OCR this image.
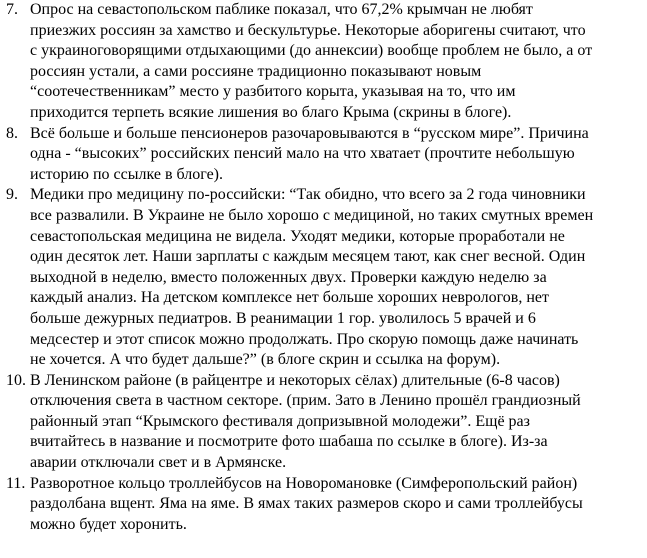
7. Опрос на севастопольском паблике показал, что 67,2% крымчан не любят
приезжих россиян за хамство и бескультурье. Некоторые аборигены считают, что
с украиноговорящими отдыхающими (до аннексии) вообще проблем не было, а от
россиян устали, а сами россияне традиционно показывают новым
“соотечественникам” место у разбитого корыта, указывая на то, что им
приходится терпеть всякие лишения во благо Крыма (скрины в блоге).
8. Всё больше и больше пенсионеров разочаровываются в “русском мире”. Причина
одна - “высоких” российских пенсий мало на что хватает (прочтите небольшую
историю по ссылке в блоге).
9. Медики про медицину по-российски: “Так обидно, что всего за 2 года чиновники
все развалили. В Украине не было хорошо с медициной, но таких смутных времен
севастопольская медицина не видела. Уходят медики, которые проработали не
один десяток лет. Наши зарплаты с каждым месяцем тают, как снег весной. Один
выходной в неделю, вместо положенных двух. Проверки каждую неделю за
каждый анализ. На детском комплексе нет больше хороших неврологов, нет
больше дежурных педиатров. В реанимации 1 гор. уволилось 5 врачей и 6
медсестер и этот список можно продолжать. Про скорую помощь даже начинать
не хочется. А что будет дальше?” (в блоге скрин и ссылка на форум).
10. В Ленинском районе (в райцентре и некоторых сёлах) длительные (6-8 часов)
отключения света в частном секторе. (прим. Зато в Ленино прошёл грандиозный
районный этап “Крымского фестиваля допризывной молодежи”. Ещё раз
вчитайтесь в название и посмотрите фото шабаша по ссылке в блоге). Из-за
аварии отключали свет и в Армянске.
11. Разворотное кольцо троллейбусов на Новоромановке (Симферопольский район)
раздолбана вщент. Яма на яме. В ямах таких размеров скоро и сами троллейбусы
можно будет хоронить.
